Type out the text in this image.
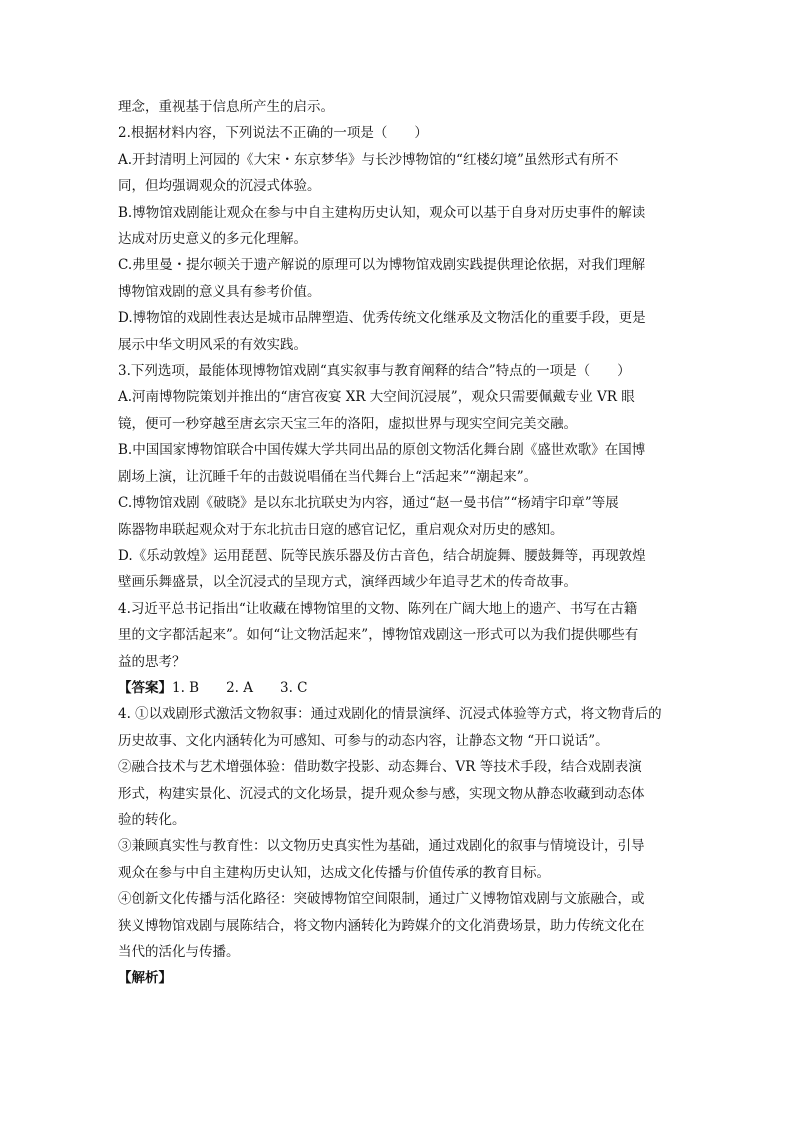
理念，重视基于信息所产生的启示。

2.根据材料内容，下列说法不正确的一项是（　　）

A.开封清明上河园的《大宋・东京梦华》与长沙博物馆的“红楼幻境”虽然形式有所不

同，但均强调观众的沉浸式体验。

B.博物馆戏剧能让观众在参与中自主建构历史认知，观众可以基于自身对历史事件的解读

达成对历史意义的多元化理解。

C.弗里曼・提尔顿关于遗产解说的原理可以为博物馆戏剧实践提供理论依据，对我们理解

博物馆戏剧的意义具有参考价值。

D.博物馆的戏剧性表达是城市品牌塑造、优秀传统文化继承及文物活化的重要手段，更是

展示中华文明风采的有效实践。

3.下列选项，最能体现博物馆戏剧“真实叙事与教育阐释的结合”特点的一项是（　　）

A.河南博物院策划并推出的“唐宫夜宴 XR 大空间沉浸展”，观众只需要佩戴专业 VR 眼

镜，便可一秒穿越至唐玄宗天宝三年的洛阳，虚拟世界与现实空间完美交融。

B.中国国家博物馆联合中国传媒大学共同出品的原创文物活化舞台剧《盛世欢歌》在国博

剧场上演，让沉睡千年的击鼓说唱俑在当代舞台上“活起来”“潮起来”。

C.博物馆戏剧《破晓》是以东北抗联史为内容，通过“赵一曼书信”“杨靖宇印章”等展

陈器物串联起观众对于东北抗击日寇的感官记忆，重启观众对历史的感知。

D.《乐动敦煌》运用琵琶、阮等民族乐器及仿古音色，结合胡旋舞、腰鼓舞等，再现敦煌

壁画乐舞盛景，以全沉浸式的呈现方式，演绎西域少年追寻艺术的传奇故事。

4.习近平总书记指出“让收藏在博物馆里的文物、陈列在广阔大地上的遗产、书写在古籍

里的文字都活起来”。如何“让文物活起来”，博物馆戏剧这一形式可以为我们提供哪些有

益的思考？

【答案】1. B　　2. A　　3. C

4. ①以戏剧形式激活文物叙事：通过戏剧化的情景演绎、沉浸式体验等方式，将文物背后的

历史故事、文化内涵转化为可感知、可参与的动态内容，让静态文物 “开口说话”。

②融合技术与艺术增强体验：借助数字投影、动态舞台、VR 等技术手段，结合戏剧表演

形式，构建实景化、沉浸式的文化场景，提升观众参与感，实现文物从静态收藏到动态体

验的转化。

③兼顾真实性与教育性：以文物历史真实性为基础，通过戏剧化的叙事与情境设计，引导

观众在参与中自主建构历史认知，达成文化传播与价值传承的教育目标。

④创新文化传播与活化路径：突破博物馆空间限制，通过广义博物馆戏剧与文旅融合，或

狭义博物馆戏剧与展陈结合，将文物内涵转化为跨媒介的文化消费场景，助力传统文化在

当代的活化与传播。

【解析】
